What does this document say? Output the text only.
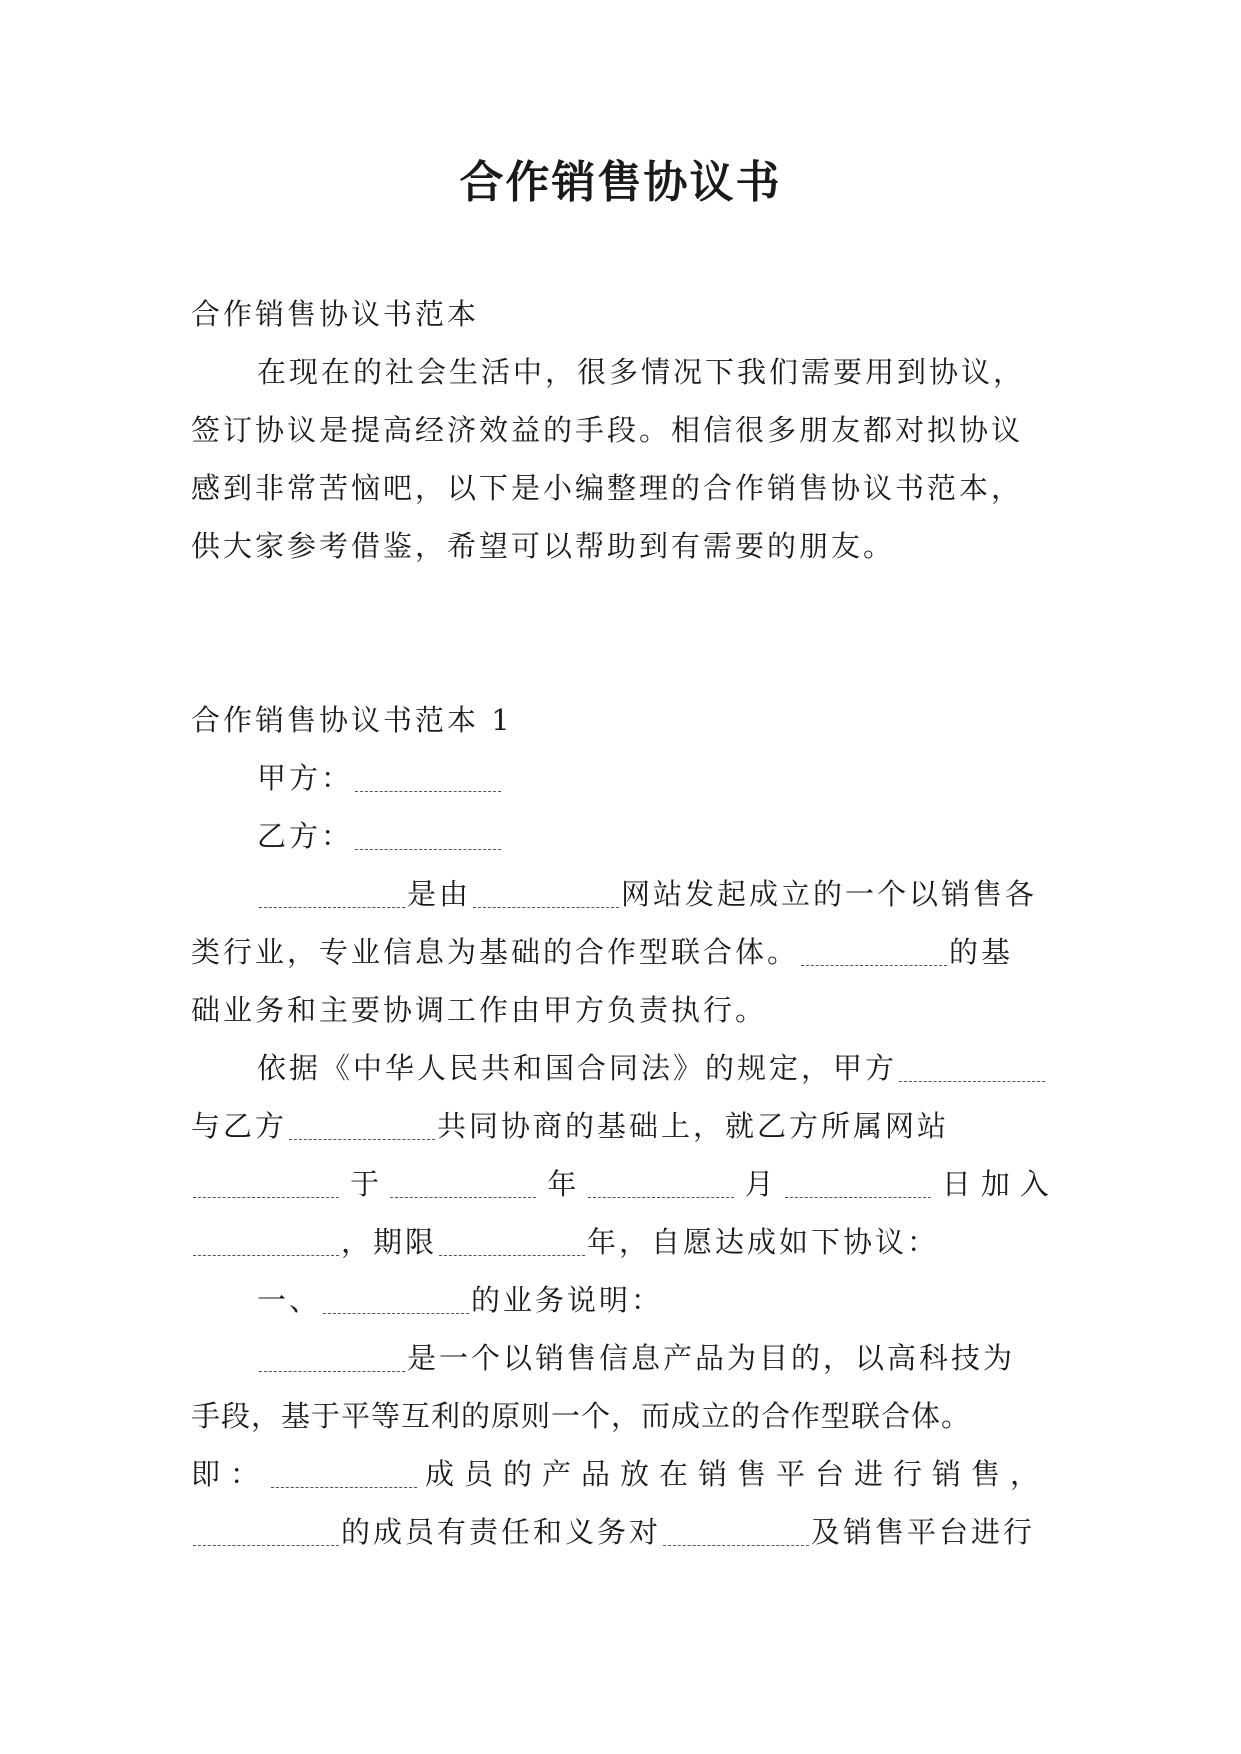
合作销售协议书
合作销售协议书范本
在现在的社会生活中，很多情况下我们需要用到协议，
签订协议是提高经济效益的手段。相信很多朋友都对拟协议
感到非常苦恼吧，以下是小编整理的合作销售协议书范本，
供大家参考借鉴，希望可以帮助到有需要的朋友。
合作销售协议书范本 1
甲方：
乙方：
是由	网站发起成立的一个以销售各
类行业，专业信息为基础的合作型联合体。	的基
础业务和主要协调工作由甲方负责执行。
依据《中华人民共和国合同法》的规定，甲方
与乙方	共同协商的基础上，就乙方所属网站
于	年	月	日加入
，期限	年，自愿达成如下协议：
一、	的业务说明：
是一个以销售信息产品为目的，以高科技为
手段，基于平等互利的原则一个，而成立的合作型联合体。
即：	成员的产品放在销售平台进行销售，
的成员有责任和义务对	及销售平台进行
